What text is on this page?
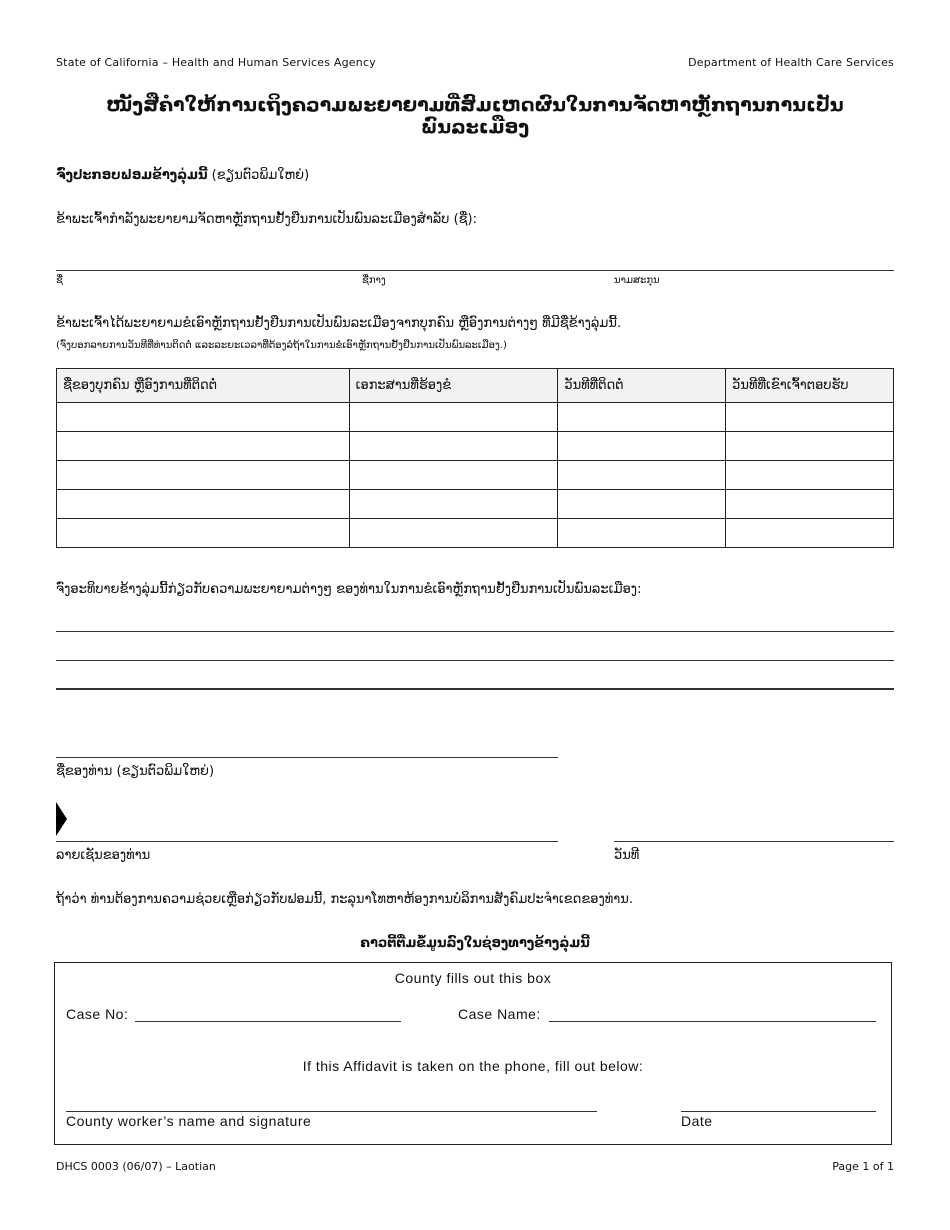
State of California – Health and Human Services Agency	Department of Health Care Services
ໜັງສືຄຳໃຫ້ການເຖິງຄວາມພະຍາຍາມທີ່ສົມເຫດຜົນໃນການຈັດຫາຫຼັກຖານການເປັນພົນລະເມືອງ
ຈົ່ງປະກອບຟອມຂ້າງລຸ່ມນີ້ (ຂຽນຕົວພິມໃຫຍ່)
ຂ້າພະເຈົ້າກຳລັງພະຍາຍາມຈັດຫາຫຼັກຖານຢັ້ງຢືນການເປັນພົນລະເມືອງສຳລັບ (ຊື່):
ຊື່	ຊື່ກາງ	ນາມສະກຸນ
ຂ້າພະເຈົ້າໄດ້ພະຍາຍາມຂໍເອົາຫຼັກຖານຢັ້ງຢືນການເປັນພົນລະເມືອງຈາກບຸກຄົນ ຫຼືອົງການຕ່າງໆ ທີ່ມີຊື່ຂ້າງລຸ່ມນີ້.
(ຈົ່ງບອກລາຍການວັນທີທີ່ທ່ານຕິດຕໍ່ ແລະລະຍະເວລາທີ່ຕ້ອງລໍຖ້າໃນການຂໍເອົາຫຼັກຖານຢັ້ງຢືນການເປັນພົນລະເມືອງ.)
ຊື່ຂອງບຸກຄົນ ຫຼືອົງການທີ່ຕິດຕໍ່	ເອກະສານທີ່ຮ້ອງຂໍ	ວັນທີທີ່ຕິດຕໍ່	ວັນທີທີ່ເຂົາເຈົ້າຕອບຮັບ

ຈົ່ງອະທິບາຍຂ້າງລຸ່ມນີ້ກ່ຽວກັບຄວາມພະຍາຍາມຕ່າງໆ ຂອງທ່ານໃນການຂໍເອົາຫຼັກຖານຢັ້ງຢືນການເປັນພົນລະເມືອງ:
ຊື່ຂອງທ່ານ (ຂຽນຕົວພິມໃຫຍ່)
ລາຍເຊັນຂອງທ່ານ	ວັນທີ
ຖ້າວ່າ ທ່ານຕ້ອງການຄວາມຊ່ວຍເຫຼືອກ່ຽວກັບຟອມນີ້, ກະລຸນາໂທຫາຫ້ອງການບໍລິການສັງຄົມປະຈຳເຂດຂອງທ່ານ.
ຄາວຕີ້ຕື່ມຂໍ້ມູນລົງໃນຊ່ອງທາງຂ້າງລຸ່ມນີ້
County fills out this box
Case No:	Case Name:
If this Affidavit is taken on the phone, fill out below:
County worker’s name and signature	Date
DHCS 0003 (06/07) – Laotian	Page 1 of 1
